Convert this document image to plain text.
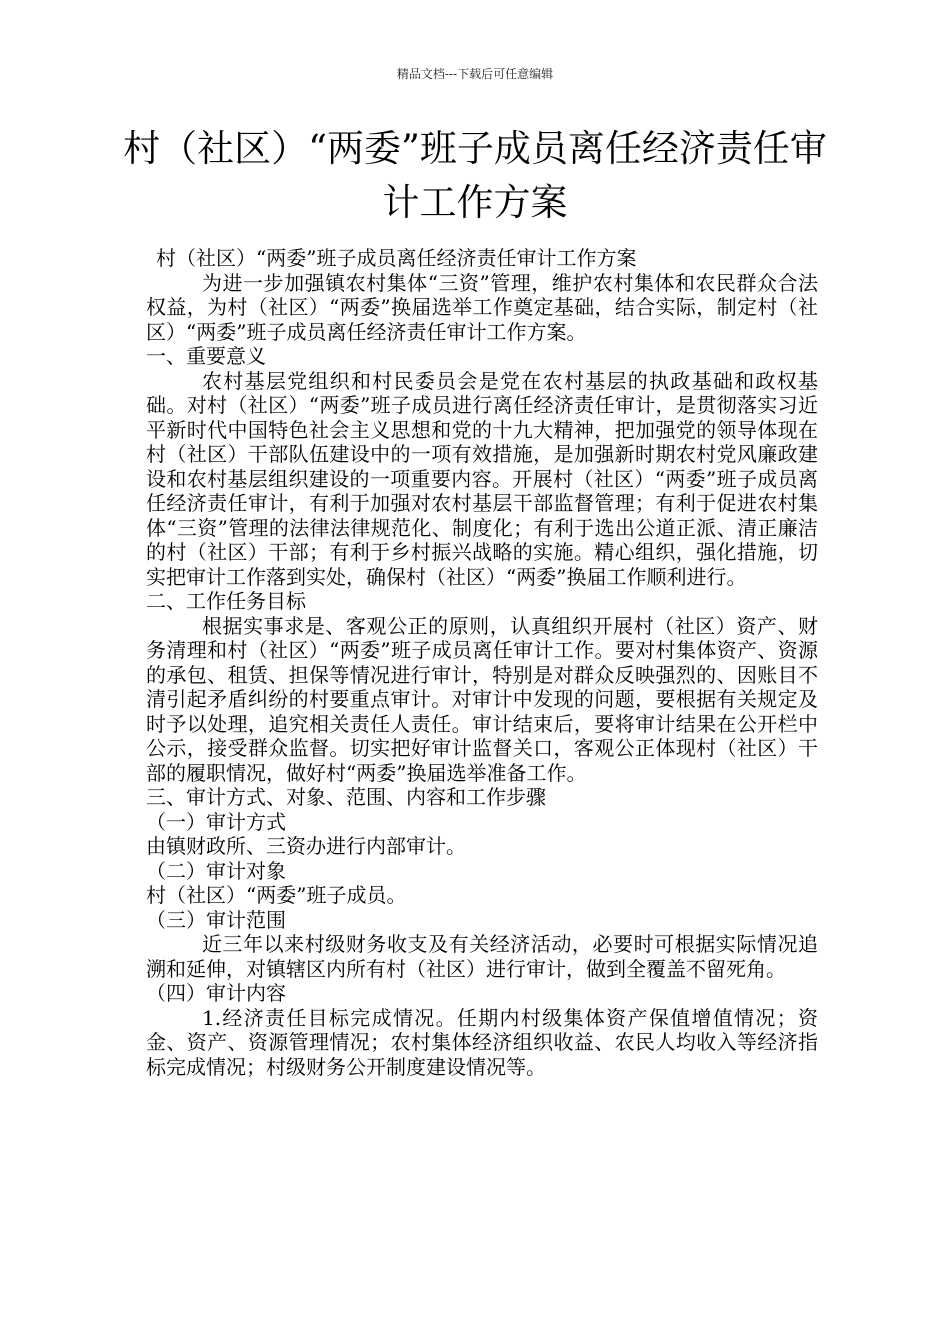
精品文档---下载后可任意编辑
村（社区）“两委”班子成员离任经济责任审计工作方案

村（社区）“两委”班子成员离任经济责任审计工作方案

为进一步加强镇农村集体“三资”管理，维护农村集体和农民群众合法权益，为村（社区）“两委”换届选举工作奠定基础，结合实际，制定村（社区）“两委”班子成员离任经济责任审计工作方案。

一、重要意义

农村基层党组织和村民委员会是党在农村基层的执政基础和政权基础。对村（社区）“两委”班子成员进行离任经济责任审计，是贯彻落实习近平新时代中国特色社会主义思想和党的十九大精神，把加强党的领导体现在村（社区）干部队伍建设中的一项有效措施，是加强新时期农村党风廉政建设和农村基层组织建设的一项重要内容。开展村（社区）“两委”班子成员离任经济责任审计，有利于加强对农村基层干部监督管理；有利于促进农村集体“三资”管理的法律法律规范化、制度化；有利于选出公道正派、清正廉洁的村（社区）干部；有利于乡村振兴战略的实施。精心组织，强化措施，切实把审计工作落到实处，确保村（社区）“两委”换届工作顺利进行。

二、工作任务目标

根据实事求是、客观公正的原则，认真组织开展村（社区）资产、财务清理和村（社区）“两委”班子成员离任审计工作。要对村集体资产、资源的承包、租赁、担保等情况进行审计，特别是对群众反映强烈的、因账目不清引起矛盾纠纷的村要重点审计。对审计中发现的问题，要根据有关规定及时予以处理，追究相关责任人责任。审计结束后，要将审计结果在公开栏中公示，接受群众监督。切实把好审计监督关口，客观公正体现村（社区）干部的履职情况，做好村“两委”换届选举准备工作。

三、审计方式、对象、范围、内容和工作步骤

（一）审计方式

由镇财政所、三资办进行内部审计。

（二）审计对象

村（社区）“两委”班子成员。

（三）审计范围

近三年以来村级财务收支及有关经济活动，必要时可根据实际情况追溯和延伸，对镇辖区内所有村（社区）进行审计，做到全覆盖不留死角。

（四）审计内容

1.经济责任目标完成情况。任期内村级集体资产保值增值情况；资金、资产、资源管理情况；农村集体经济组织收益、农民人均收入等经济指标完成情况；村级财务公开制度建设情况等。
